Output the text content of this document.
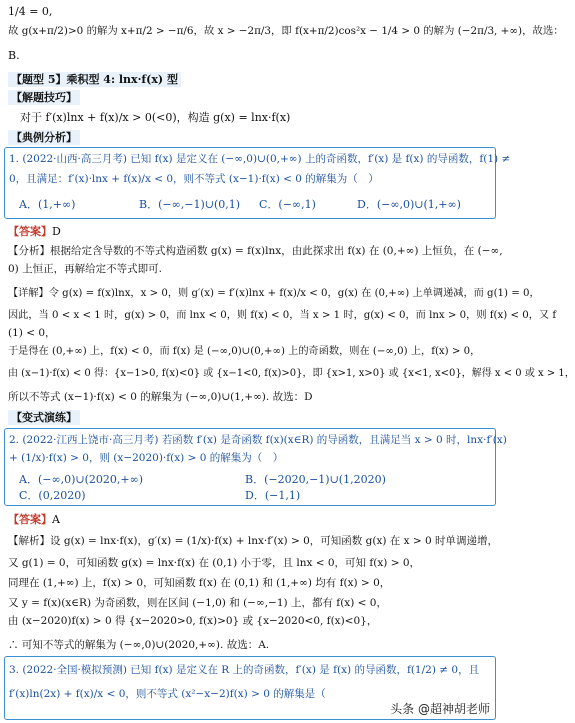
1/4 = 0,
故 g(x+π/2)>0 的解为 x+π/2 > −π/6，故 x > −2π/3，即 f(x+π/2)cos²x − 1/4 > 0 的解为 (−2π/3, +∞)，故选：
B.
【题型 5】乘积型 4: lnx·f(x) 型
【解题技巧】
对于 f′(x)lnx + f(x)/x > 0(<0)，构造 g(x) = lnx·f(x)
【典例分析】
1. (2022·山西·高三月考) 已知 f(x) 是定义在 (−∞,0)∪(0,+∞) 上的奇函数，f′(x) 是 f(x) 的导函数，f(1) ≠
0，且满足：f′(x)·lnx + f(x)/x < 0，则不等式 (x−1)·f(x) < 0 的解集为（　）
A．(1,+∞)	B．(−∞,−1)∪(0,1) C．(−∞,1)	D．(−∞,0)∪(1,+∞)
【答案】D
【分析】根据给定含导数的不等式构造函数 g(x) = f(x)lnx，由此探求出 f(x) 在 (0,+∞) 上恒负，在 (−∞,
0) 上恒正，再解给定不等式即可.
【详解】令 g(x) = f(x)lnx，x > 0，则 g′(x) = f′(x)lnx + f(x)/x < 0，g(x) 在 (0,+∞) 上单调递减，而 g(1) = 0，
因此，当 0 < x < 1 时，g(x) > 0，而 lnx < 0，则 f(x) < 0，当 x > 1 时，g(x) < 0，而 lnx > 0，则 f(x) < 0，又 f
(1) < 0，
于是得在 (0,+∞) 上，f(x) < 0，而 f(x) 是 (−∞,0)∪(0,+∞) 上的奇函数，则在 (−∞,0) 上，f(x) > 0，
由 (x−1)·f(x) < 0 得：{x−1>0, f(x)<0} 或 {x−1<0, f(x)>0}，即 {x>1, x>0} 或 {x<1, x<0}，解得 x < 0 或 x > 1，
所以不等式 (x−1)·f(x) < 0 的解集为 (−∞,0)∪(1,+∞). 故选：D
【变式演练】
2. (2022·江西上饶市·高三月考) 若函数 f′(x) 是奇函数 f(x)(x∈R) 的导函数，且满足当 x > 0 时，lnx·f′(x)
+ (1/x)·f(x) > 0，则 (x−2020)·f(x) > 0 的解集为（　）
A．(−∞,0)∪(2020,+∞)	B．(−2020,−1)∪(1,2020)
C．(0,2020)	D．(−1,1)
【答案】A
【解析】设 g(x) = lnx·f(x)，g′(x) = (1/x)·f(x) + lnx·f′(x) > 0，可知函数 g(x) 在 x > 0 时单调递增，
又 g(1) = 0，可知函数 g(x) = lnx·f(x) 在 (0,1) 小于零，且 lnx < 0，可知 f(x) > 0，
同理在 (1,+∞) 上，f(x) > 0，可知函数 f(x) 在 (0,1) 和 (1,+∞) 均有 f(x) > 0，
又 y = f(x)(x∈R) 为奇函数，则在区间 (−1,0) 和 (−∞,−1) 上，都有 f(x) < 0，
由 (x−2020)f(x) > 0 得 {x−2020>0, f(x)>0} 或 {x−2020<0, f(x)<0}，
∴ 可知不等式的解集为 (−∞,0)∪(2020,+∞). 故选：A.
3. (2022·全国·模拟预测) 已知 f(x) 是定义在 R 上的奇函数，f′(x) 是 f(x) 的导函数，f(1/2) ≠ 0，且
f′(x)ln(2x) + f(x)/x < 0，则不等式 (x²−x−2)f(x) > 0 的解集是（
头条 @超神胡老师
